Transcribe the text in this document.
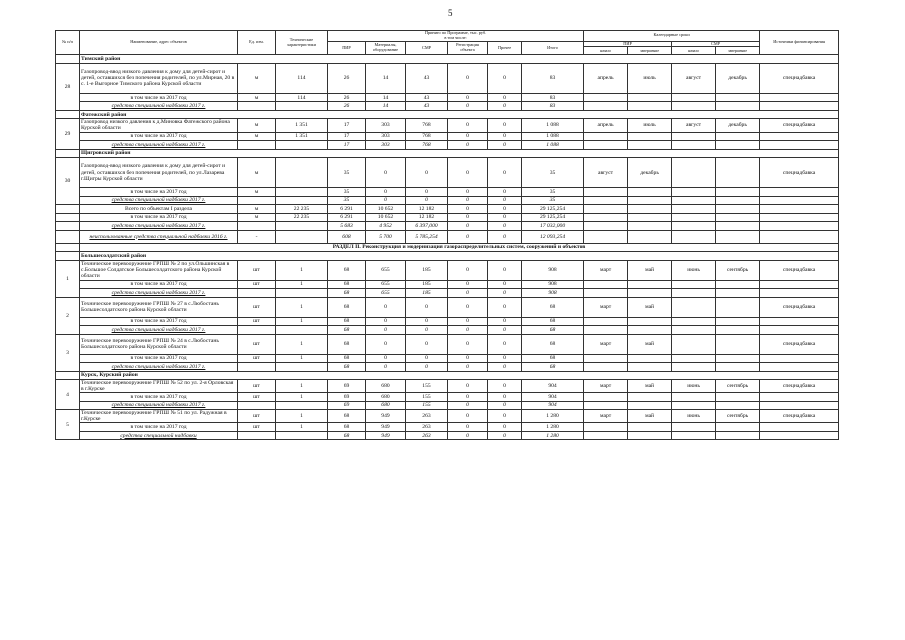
5
№ п/п	Наименование, адрес объектов	Ед. изм.	Технические характеристики	Принято по Программе, тыс. руб.
в том числе:						Календарные сроки				Источники финансирования
				ПИР	Материалы, оборудование	СМР	Регистрация объекта	Прочее	Итого	ПИР		СМР		
										начало	завершение	начало	завершение	
	Тимский район													
28	Газопровод-ввод низкого давления к дому для детей-сирот и детей, оставшихся без попечения родителей, по ул.Мирная, 20 в с. 1-е Выгорное Тимского района Курской области	м	114	26	14	43	0	0	83	апрель	июль	август	декабрь	спецнадбавка
	в том числе на 2017 год	м	114	26	14	43	0	0	83					
	средства специальной надбавки 2017 г.			26	14	43	0	0	83					
	Фатежский район													
29	Газопровод низкого давления к д.Миновка Фатежского района Курской области	м	1 351	17	303	768	0	0	1 088	апрель	июль	август	декабрь	спецнадбавка
	в том числе на 2017 год	м	1 351	17	303	768	0	0	1 088					
	средства специальной надбавки 2017 г.			17	303	768	0	0	1 088					
	Щигровский район													
30	Газопровод-ввод низкого давления к дому для детей-сирот и детей, оставшихся без попечения родителей, по ул.Лазарева г.Щигры Курской области	м		35	0	0	0	0	35	август	декабрь			спецнадбавка
	в том числе на 2017 год	м		35	0	0	0	0	35					
	средства специальной надбавки 2017 г.			35	0	0	0	0	35					
	Всего по объектам I раздела	м	22 235	6 291	10 652	12 182	0	0	29 125,254					
	в том числе на 2017 год	м	22 235	6 291	10 652	12 182	0	0	29 125,254					
	средства специальной надбавки 2017 г.			5 683	4 952	6 397,000	0	0	17 032,000					
	неиспользованные средства специальной надбавки 2016 г.	-		608	5 700	5 785,254	0	0	12 093,254					
	РАЗДЕЛ II. Реконструкция и модернизация газораспределительных систем, сооружений и объектов													
	Большесолдатский район													
1	Техническое перевооружение ГРПШ № 2 по ул.Ольшинская в с.Большое Солдатское Большесолдатского района Курской области	шт	1	68	655	185	0	0	908	март	май	июнь	сентябрь	спецнадбавка
	в том числе на 2017 год	шт	1	68	655	185	0	0	908					
	средства специальной надбавки 2017 г.			68	655	185	0	0	908					
2	Техническое перевооружение ГРПШ № 27 в с.Любостань Большесолдатского района Курской области	шт	1	68	0	0	0	0	68	март	май			спецнадбавка
	в том числе на 2017 год	шт	1	68	0	0	0	0	68					
	средства специальной надбавки 2017 г.			68	0	0	0	0	68					
3	Техническое перевооружение ГРПШ № 24 в с.Любостань Большесолдатского района Курской области	шт	1	68	0	0	0	0	68	март	май			спецнадбавка
	в том числе на 2017 год	шт	1	68	0	0	0	0	68					
	средства специальной надбавки 2017 г.			68	0	0	0	0	68					
	Курск, Курский район													
4	Техническое перевооружение ГРПШ № 52 по ул. 2-я Орловская в г.Курске	шт	1	69	680	155	0	0	904	март	май	июнь	сентябрь	спецнадбавка
	в том числе на 2017 год	шт	1	69	680	155	0	0	904					
	средства специальной надбавки 2017 г.			69	680	155	0	0	904					
5	Техническое перевооружение ГРПШ № 51 по ул. Радужная в г.Курске	шт	1	68	949	263	0	0	1 280	март	май	июнь	сентябрь	спецнадбавка
	в том числе на 2017 год	шт	1	68	949	263	0	0	1 280					
	средства специальной надбавки			68	949	263	0	0	1 280					
